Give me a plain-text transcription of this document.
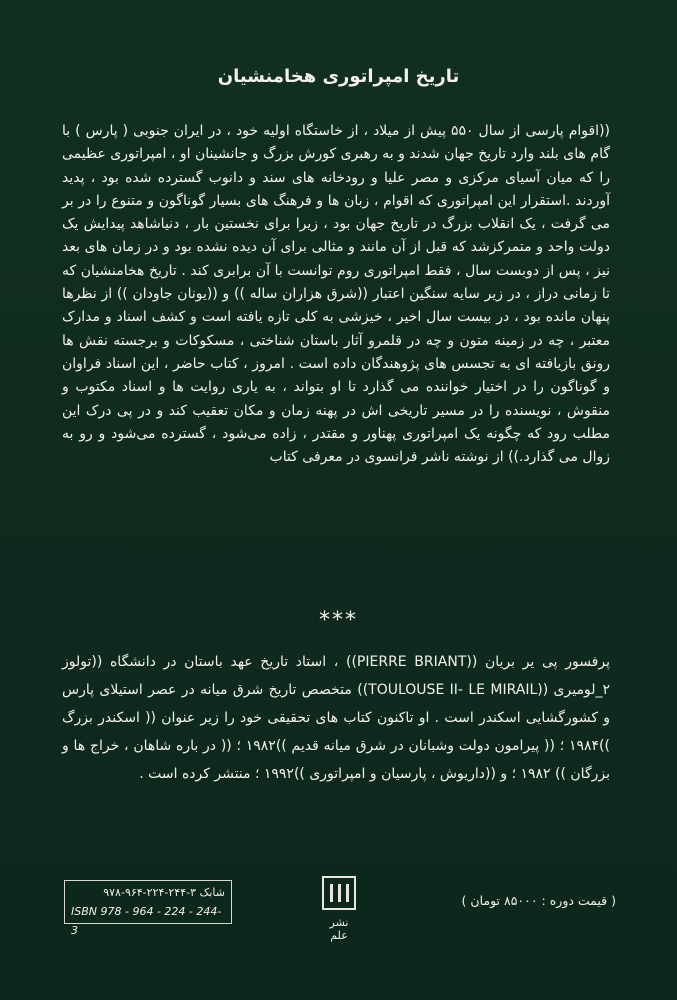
تاریخ امپراتوری هخامنشیان

((اقوام پارسی از سال ۵۵۰ پیش از میلاد ، از خاستگاه اولیه خود ، در ایران جنوبی ( پارس ) با گام های بلند وارد تاریخ جهان شدند و به رهبری کورش بزرگ و جانشینان او ، امپراتوری عظیمی را که میان آسیای مرکزی و مصر علیا و رودخانه های سند و دانوب گسترده شده بود ، پدید آوردند .استقرار این امپراتوری که اقوام ، زبان ها و فرهنگ های بسیار گوناگون و متنوع را در بر می گرفت ، یک انقلاب بزرگ در تاریخ جهان بود ، زیرا برای نخستین بار ، دنیاشاهد پیدایش یک دولت واحد و متمرکزشد که قبل از آن مانند و مثالی برای آن دیده نشده بود و در زمان های بعد نیز ، پس از دوبست سال ، فقط امپراتوری روم توانست با آن برابری کند . تاریخ هخامنشیان که تا زمانی دراز ، در زیر سایه سنگین اعتبار ((شرق هزاران ساله )) و ((یونان جاودان )) از نظرها پنهان مانده بود ، در بیست سال اخیر ، خیزشی به کلی تازه یافته است و کشف اسناد و مدارک معتبر ، چه در زمینه متون و چه در قلمرو آثار باستان شناختی ، مسکوکات و برجسته نقش ها رونق بازیافته ای به تجسس های پژوهندگان داده است . امروز ، کتاب حاضر ، این اسناد فراوان و گوناگون را در اختیار خواننده می گذارد تا او بتواند ، به یاری روایت ها و اسناد مکتوب و منقوش ، نویسنده را در مسیر تاریخی اش در پهنه زمان و مکان تعقیب کند و در پی درک این مطلب رود که چگونه یک امپراتوری پهناور و مقتدر ، زاده می‌شود ، گسترده می‌شود و رو به زوال می گذارد.)) از نوشته ناشر فرانسوی در معرفی کتاب

***

پرفسور پی یر بریان ((PIERRE BRIANT)) ، استاد تاریخ عهد باستان در دانشگاه ((تولوز ۲_لومیری ((TOULOUSE II- LE MIRAIL)) متخصص تاریخ شرق میانه در عصر استیلای پارس و کشورگشایی اسکندر است . او تاکنون کتاب های تحقیقی خود را زیر عنوان (( اسکندر بزرگ ))۱۹۸۴ ؛ (( پیرامون دولت وشبانان در شرق میانه قدیم ))۱۹۸۲ ؛ (( در باره شاهان ، خراج ها و بزرگان )) ۱۹۸۲ ؛ و ((داریوش ، پارسیان و امپراتوری ))۱۹۹۲ ؛ منتشر کرده است .

شابک ۳-۲۴۴-۲۲۴-۹۶۴-۹۷۸
ISBN 978 - 964 - 224 - 244-3
نشر علم
( قیمت دوره : ۸۵۰۰۰ تومان )
